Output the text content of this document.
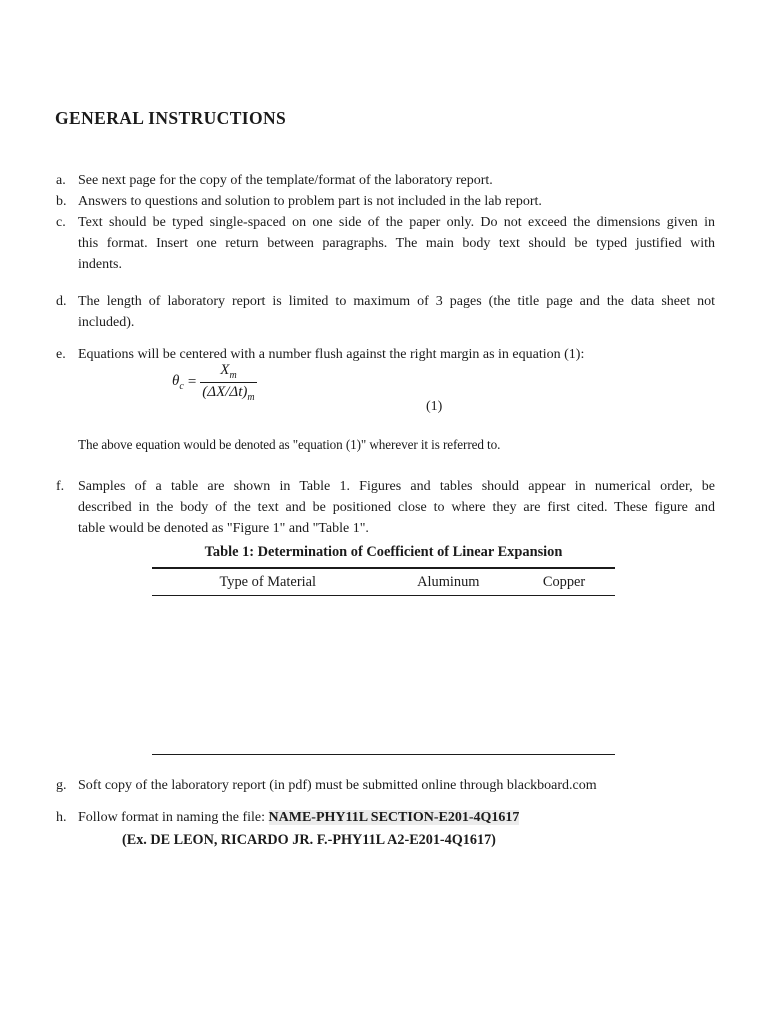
GENERAL INSTRUCTIONS
a. See next page for the copy of the template/format of the laboratory report.
b. Answers to questions and solution to problem part is not included in the lab report.
c. Text should be typed single-spaced on one side of the paper only. Do not exceed the dimensions given in
this format. Insert one return between paragraphs. The main body text should be typed justified with
indents.
d. The length of laboratory report is limited to maximum of 3 pages (the title page and the data sheet not
included).
e. Equations will be centered with a number flush against the right margin as in equation (1):
$\theta_c = \frac{X_m}{(\Delta X/\Delta t)_m}$
(1)
The above equation would be denoted as "equation (1)" wherever it is referred to.
f. Samples of a table are shown in Table 1. Figures and tables should appear in numerical order, be
described in the body of the text and be positioned close to where they are first cited. These figure and
table would be denoted as "Figure 1" and "Table 1".
Table 1: Determination of Coefficient of Linear Expansion
Type of Material	Aluminum	Copper
g. Soft copy of the laboratory report (in pdf) must be submitted online through blackboard.com
h. Follow format in naming the file: NAME-PHY11L SECTION-E201-4Q1617
(Ex. DE LEON, RICARDO JR. F.-PHY11L A2-E201-4Q1617)
